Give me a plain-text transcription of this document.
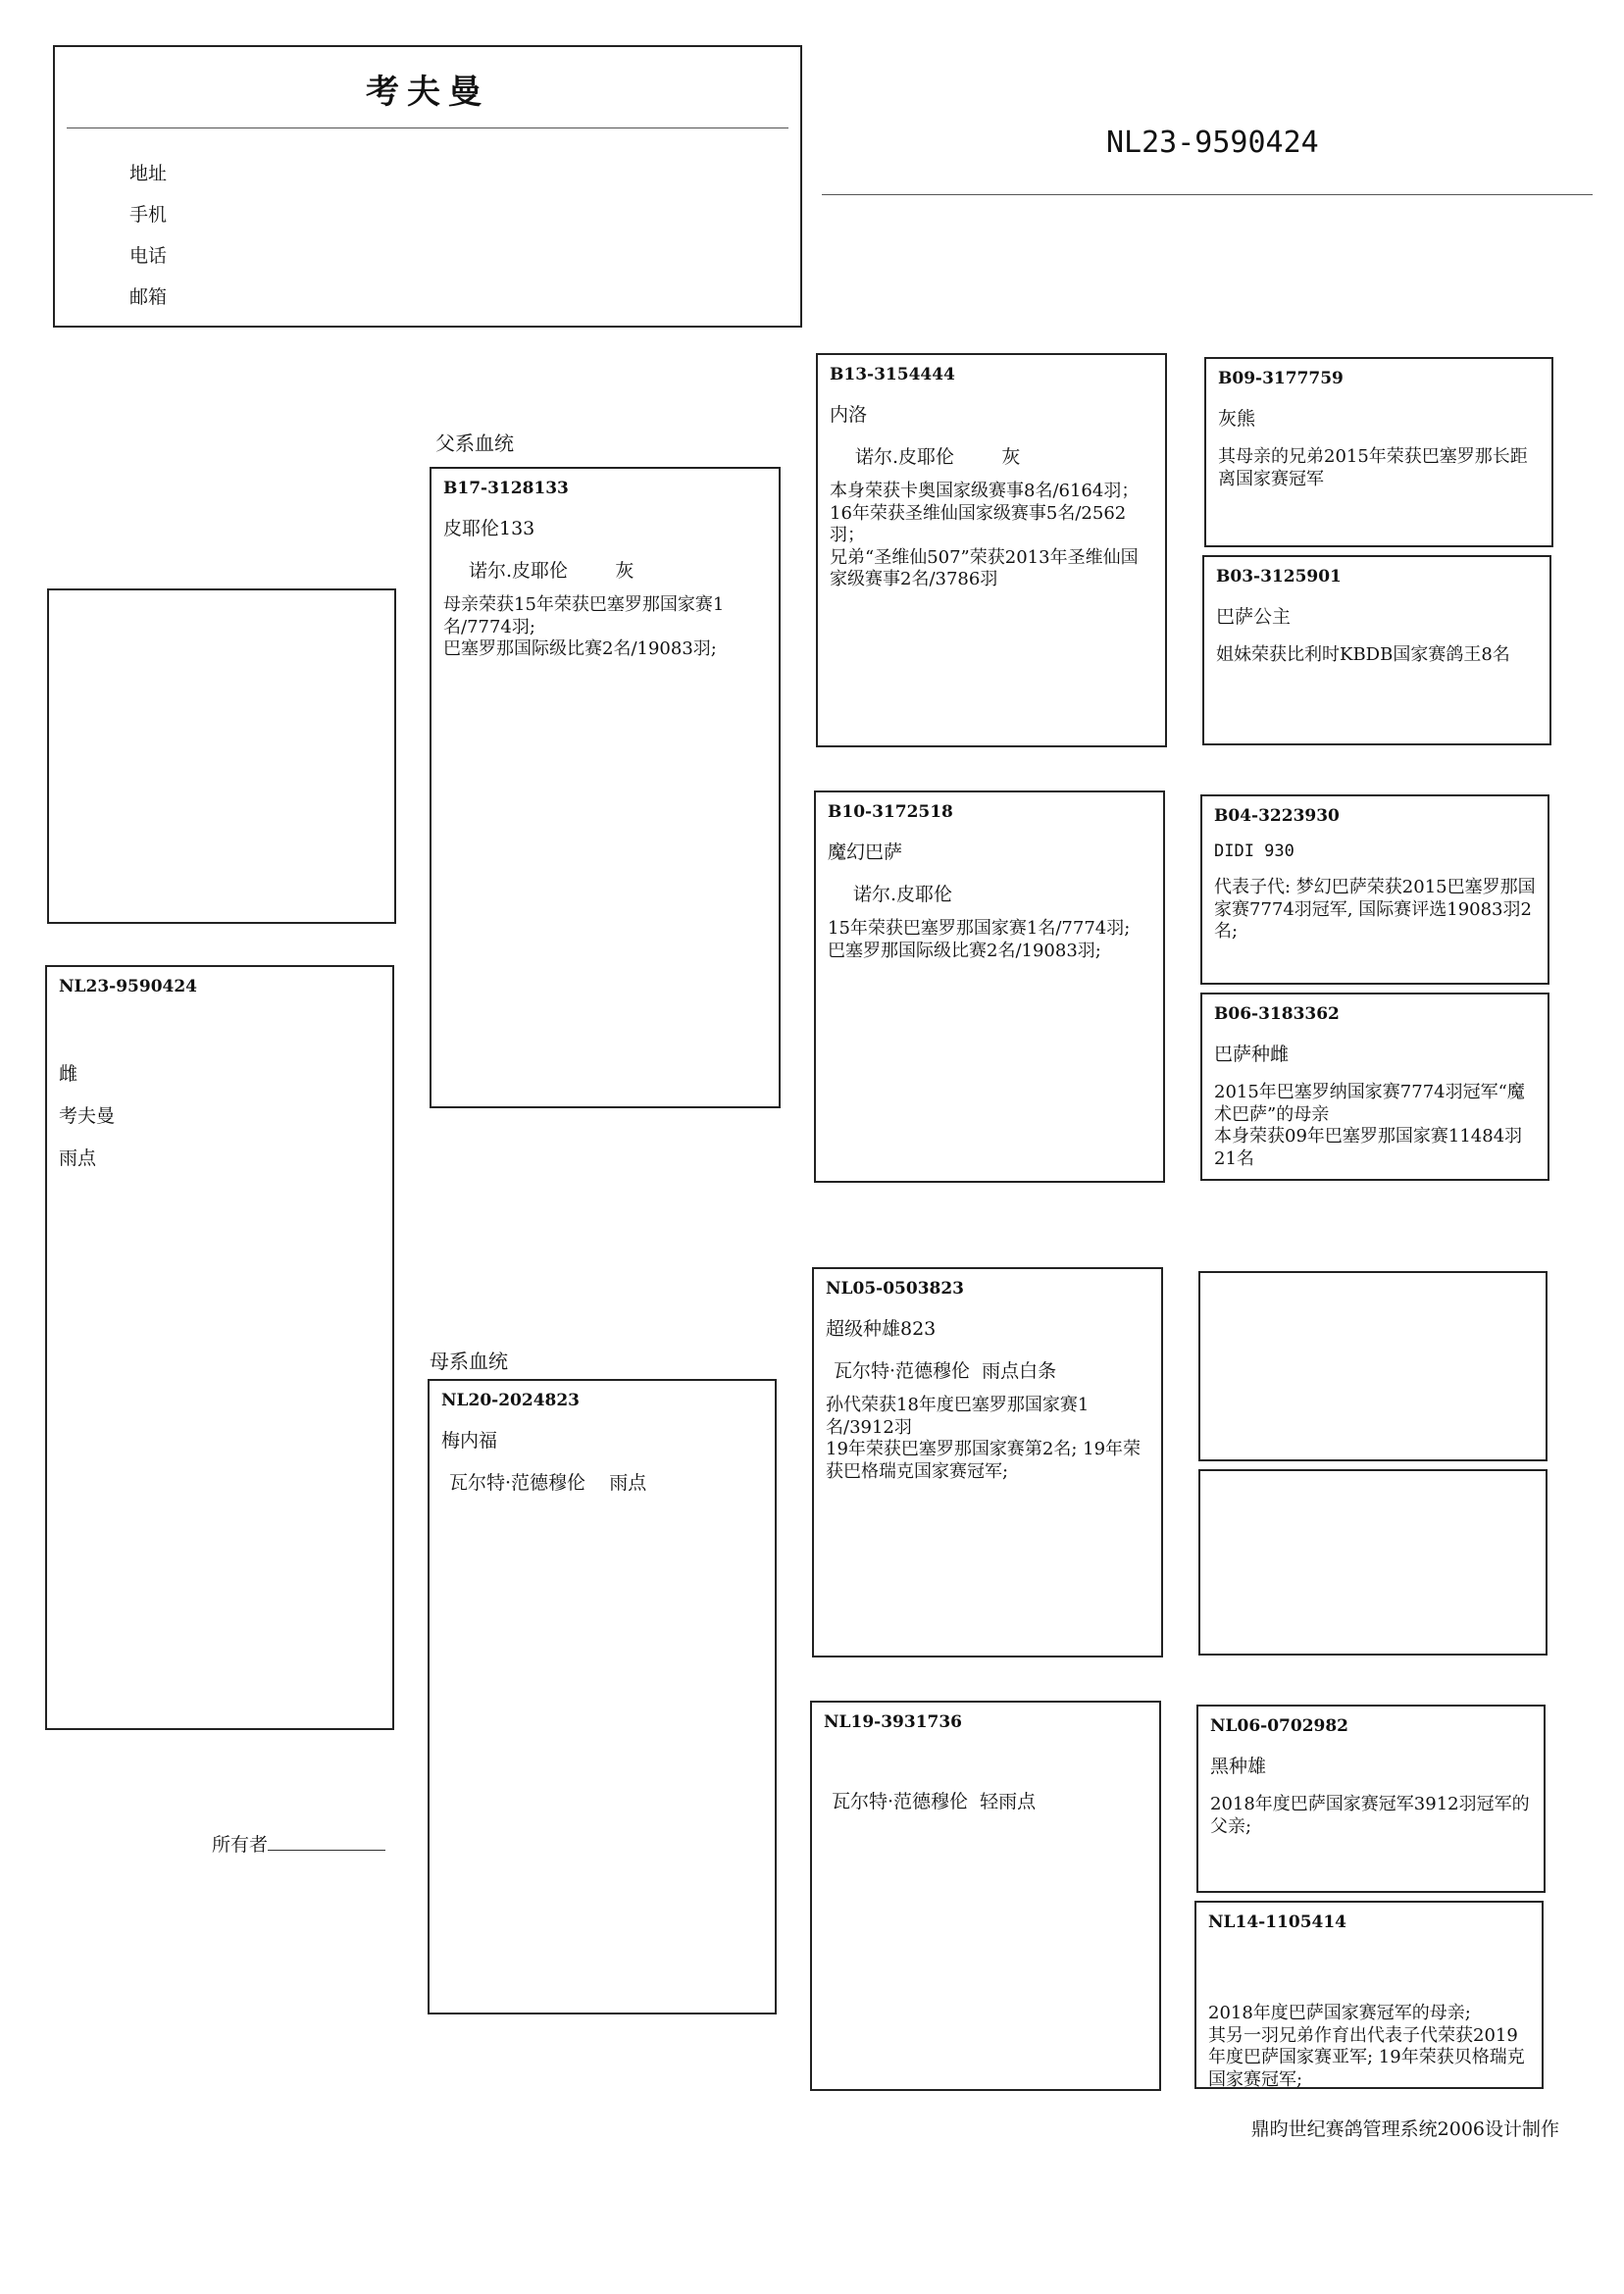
考夫曼
地址
手机
电话
邮箱
NL23-9590424
父系血统
母系血统
NL23-9590424
雌
考夫曼
雨点
所有者
B17-3128133
皮耶伦133
诺尔.皮耶伦        灰
母亲荣获15年荣获巴塞罗那国家赛1名/7774羽;
巴塞罗那国际级比赛2名/19083羽;
NL20-2024823
梅内福
瓦尔特·范德穆伦    雨点
B13-3154444
内洛
诺尔.皮耶伦        灰
本身荣获卡奥国家级赛事8名/6164羽；16年荣获圣维仙国家级赛事5名/2562羽；
兄弟“圣维仙507”荣获2013年圣维仙国家级赛事2名/3786羽
B10-3172518
魔幻巴萨
诺尔.皮耶伦
15年荣获巴塞罗那国家赛1名/7774羽;
巴塞罗那国际级比赛2名/19083羽;
NL05-0503823
超级种雄823
瓦尔特·范德穆伦  雨点白条
孙代荣获18年度巴塞罗那国家赛1名/3912羽
19年荣获巴塞罗那国家赛第2名; 19年荣获巴格瑞克国家赛冠军;
NL19-3931736
瓦尔特·范德穆伦  轻雨点
B09-3177759
灰熊
其母亲的兄弟2015年荣获巴塞罗那长距离国家赛冠军
B03-3125901
巴萨公主
姐妹荣获比利时KBDB国家赛鸽王8名
B04-3223930
DIDI 930
代表子代: 梦幻巴萨荣获2015巴塞罗那国家赛7774羽冠军, 国际赛评选19083羽2名;
B06-3183362
巴萨种雌
2015年巴塞罗纳国家赛7774羽冠军“魔术巴萨”的母亲
本身荣获09年巴塞罗那国家赛11484羽21名
NL06-0702982
黑种雄
2018年度巴萨国家赛冠军3912羽冠军的父亲;
NL14-1105414
2018年度巴萨国家赛冠军的母亲;
其另一羽兄弟作育出代表子代荣获2019年度巴萨国家赛亚军; 19年荣获贝格瑞克国家赛冠军;
鼎昀世纪赛鸽管理系统2006设计制作
